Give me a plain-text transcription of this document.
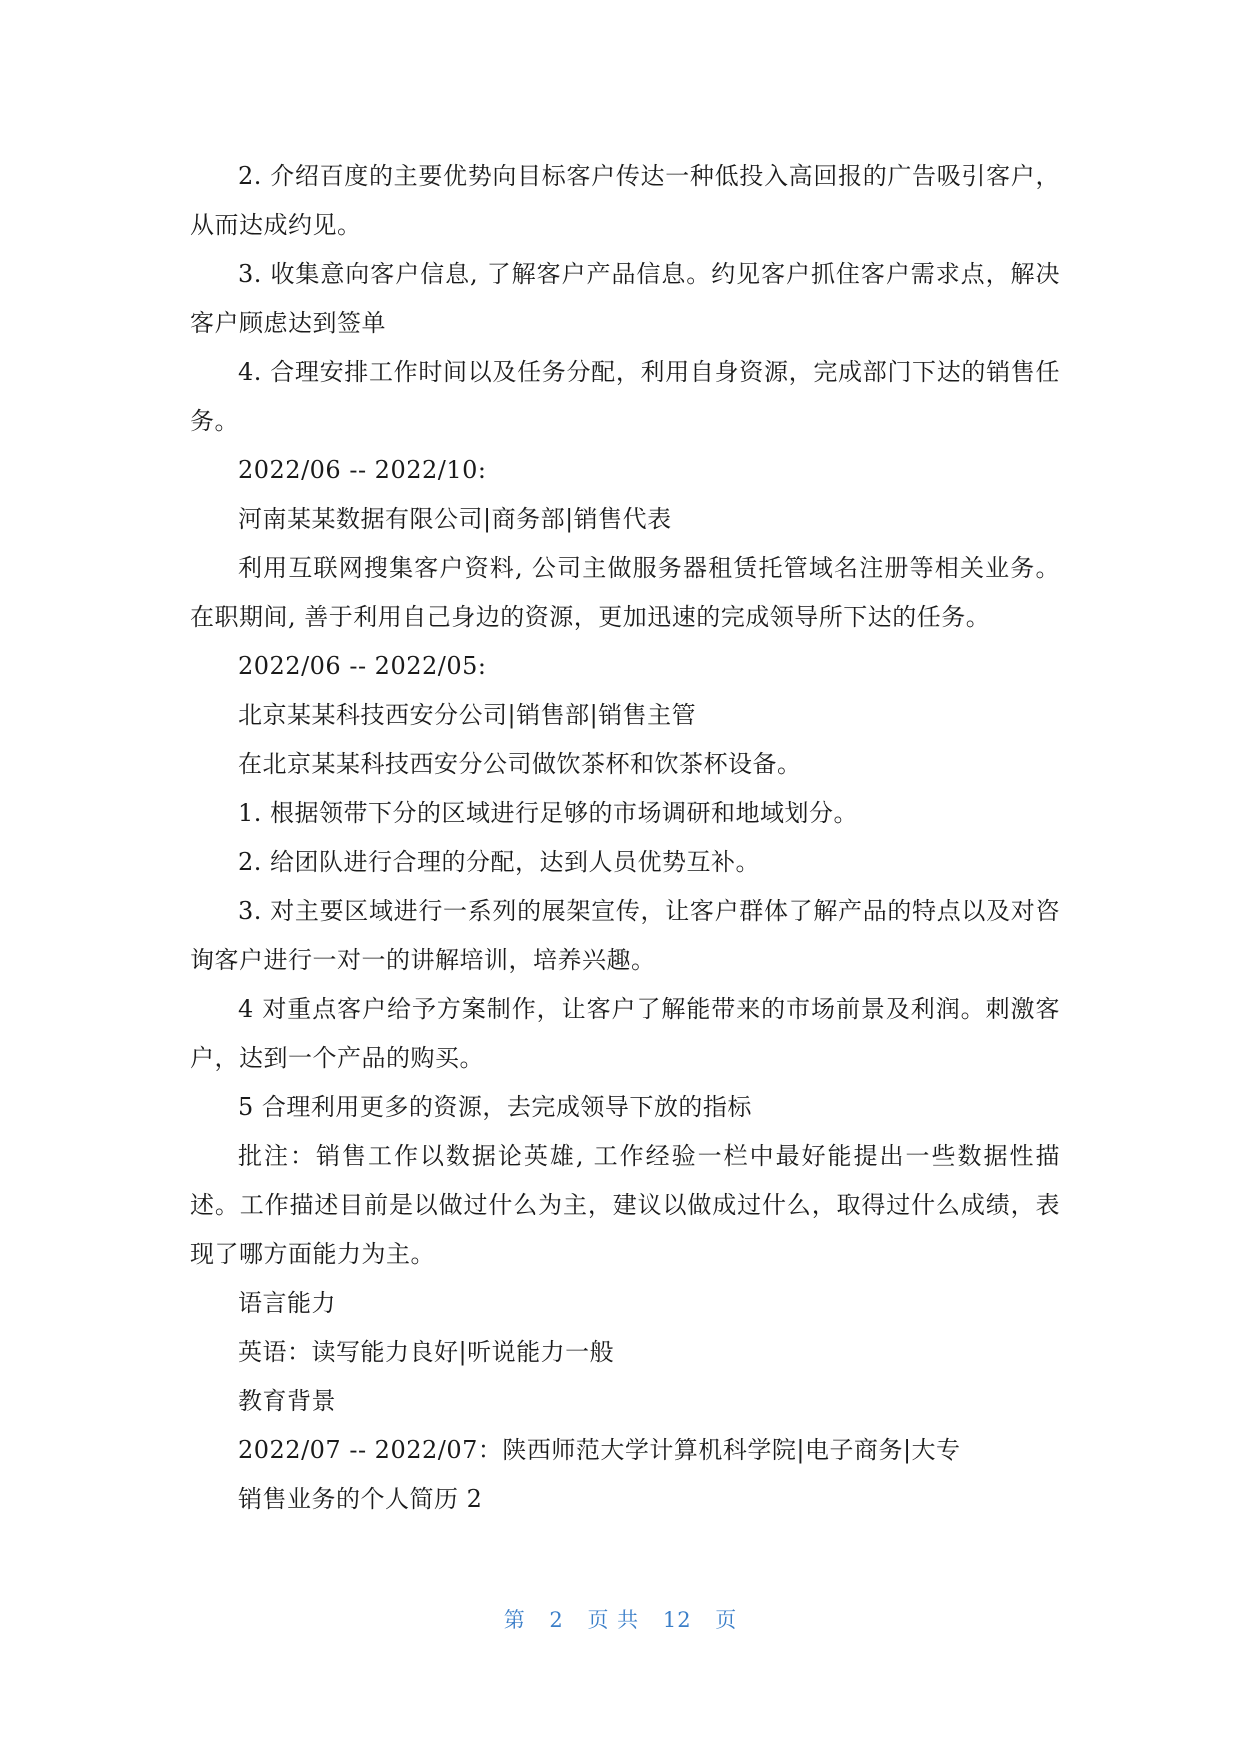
2. 介绍百度的主要优势向目标客户传达一种低投入高回报的广告吸引客户，从而达成约见。

3. 收集意向客户信息, 了解客户产品信息。约见客户抓住客户需求点，解决客户顾虑达到签单

4. 合理安排工作时间以及任务分配，利用自身资源，完成部门下达的销售任务。

2022/06 -- 2022/10:

河南某某数据有限公司|商务部|销售代表

利用互联网搜集客户资料, 公司主做服务器租赁托管域名注册等相关业务。在职期间, 善于利用自己身边的资源，更加迅速的完成领导所下达的任务。

2022/06 -- 2022/05:

北京某某科技西安分公司|销售部|销售主管

在北京某某科技西安分公司做饮茶杯和饮茶杯设备。

1. 根据领带下分的区域进行足够的市场调研和地域划分。

2. 给团队进行合理的分配，达到人员优势互补。

3. 对主要区域进行一系列的展架宣传，让客户群体了解产品的特点以及对咨询客户进行一对一的讲解培训，培养兴趣。

4 对重点客户给予方案制作，让客户了解能带来的市场前景及利润。刺激客户，达到一个产品的购买。

5 合理利用更多的资源，去完成领导下放的指标

批注：销售工作以数据论英雄, 工作经验一栏中最好能提出一些数据性描述。工作描述目前是以做过什么为主，建议以做成过什么，取得过什么成绩，表现了哪方面能力为主。

语言能力

英语：读写能力良好|听说能力一般

教育背景

2022/07 -- 2022/07：陕西师范大学计算机科学院|电子商务|大专

销售业务的个人简历 2

第 2 页 共 12 页
